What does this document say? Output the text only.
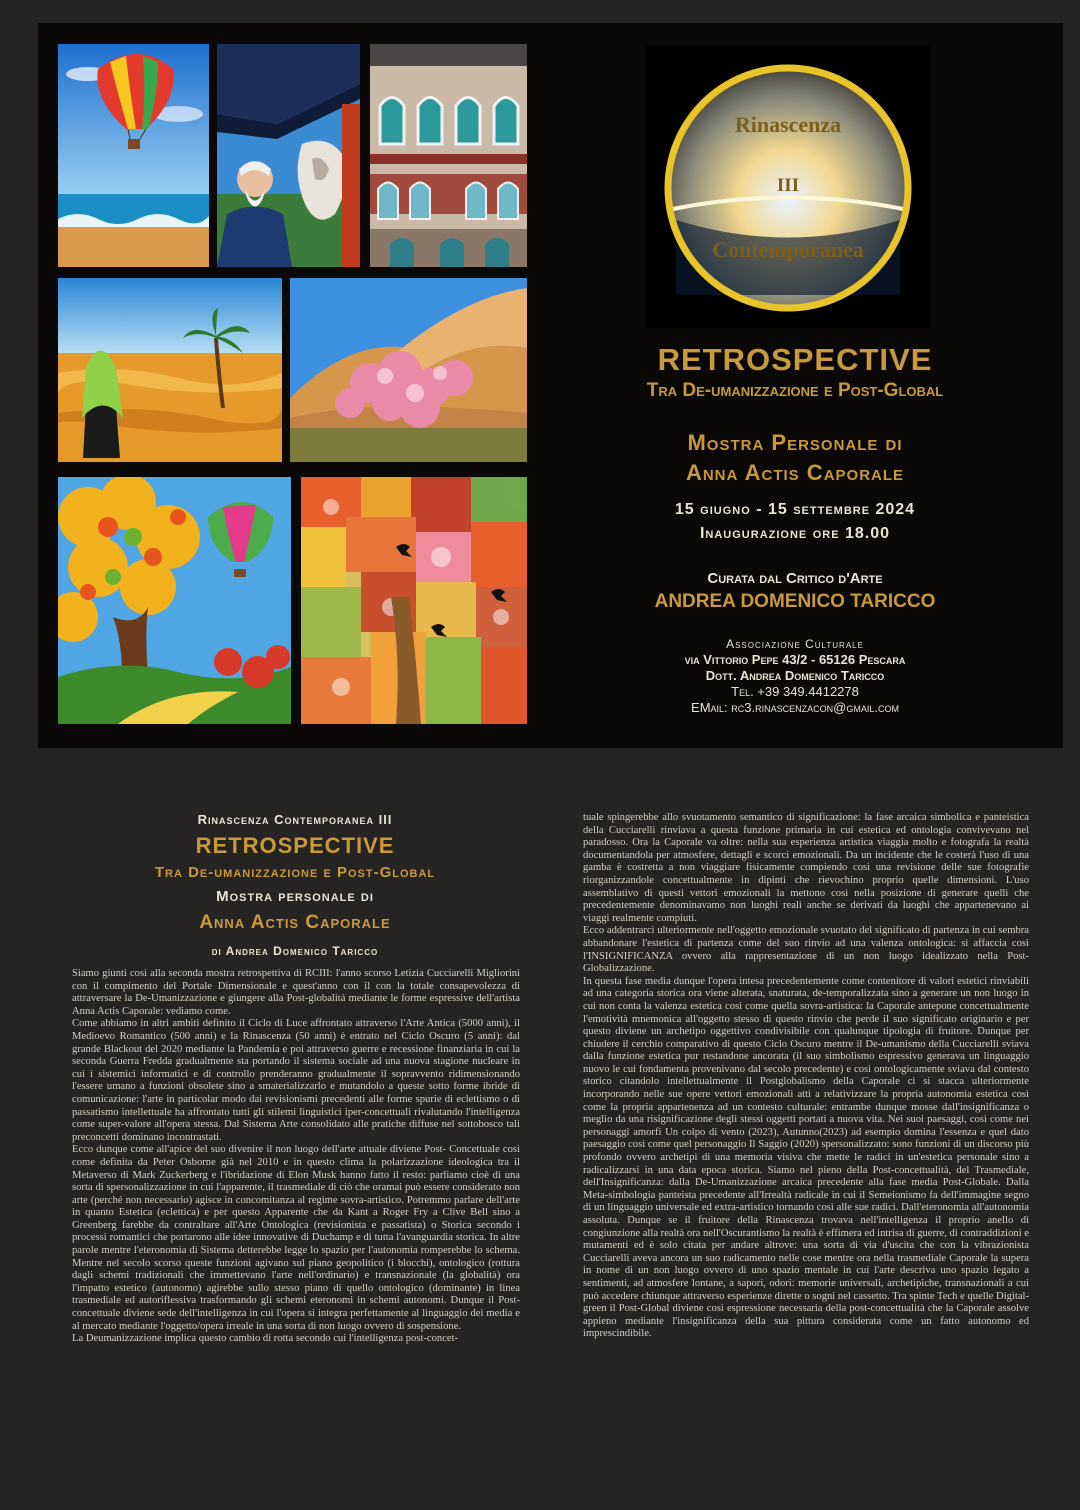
Rinascenza
III
Contemporanea
RETROSPECTIVE
Tra De-umanizzazione e Post-Global
Mostra Personale di
Anna Actis Caporale
15 giugno - 15 settembre 2024
Inaugurazione ore 18.00
Curata dal Critico d'Arte
ANDREA DOMENICO TARICCO
Associazione Culturale
via Vittorio Pepe 43/2 - 65126 Pescara
Dott. Andrea Domenico Taricco
Tel. +39 349.4412278
EMail: rc3.rinascenzacon@gmail.com
Rinascenza Contemporanea III
RETROSPECTIVE
Tra De-umanizzazione e Post-Global
Mostra personale di
Anna Actis Caporale
di Andrea Domenico Taricco

Siamo giunti così alla seconda mostra retrospettiva di RCIII: l'anno scorso Letizia Cucciarelli Migliorini con il compimento del Portale Dimensionale e quest'anno con il con la totale consapevolezza di attraversare la De-Umanizzazione e giungere alla Post-globalità mediante le forme espressive dell'artista Anna Actis Caporale: vediamo come.

Come abbiamo in altri ambiti definito il Ciclo di Luce affrontato attraverso l'Arte Antica (5000 anni), il Medioevo Romantico (500 anni) e la Rinascenza (50 anni) è entrato nel Ciclo Oscuro (5 anni): dal grande Blackout del 2020 mediante la Pandemia e poi attraverso guerre e recessione finanziaria in cui la seconda Guerra Fredda gradualmente sta portando il sistema sociale ad una nuova stagione nucleare in cui i sistemici informatici e di controllo prenderanno gradualmente il sopravvento ridimensionando l'essere umano a funzioni obsolete sino a smaterializzarlo e mutandolo a queste sotto forme ibride di comunicazione: l'arte in particolar modo dai revisionismi precedenti alle forme spurie di eclettismo o di passatismo intellettuale ha affrontato tutti gli stilemi linguistici iper-concettuali rivalutando l'intelligenza come super-valore all'opera stessa. Dal Sistema Arte consolidato alle pratiche diffuse nel sottobosco tali preconcetti dominano incontrastati.

Ecco dunque come all'apice del suo divenire il non luogo dell'arte attuale diviene Post- Concettuale così come definita da Peter Osborne già nel 2010 e in questo clima la polarizzazione ideologica tra il Metaverso di Mark Zuckerberg e l'ibridazione di Elon Musk hanno fatto il resto: parliamo cioè di una sorta di spersonalizzazione in cui l'apparente, il trasmediale di ciò che oramai può essere considerato non arte (perché non necessario) agisce in concomitanza al regime sovra-artistico. Potremmo parlare dell'arte in quanto Estetica (eclettica) e per questo Apparente che da Kant a Roger Fry a Clive Bell sino a Greenberg farebbe da contraltare all'Arte Ontologica (revisionista e passatista) o Storica secondo i processi romantici che portarono alle idee innovative di Duchamp e di tutta l'avanguardia storica. In altre parole mentre l'eteronomia di Sistema detterebbe legge lo spazio per l'autonomia romperebbe lo schema. Mentre nel secolo scorso queste funzioni agivano sul piano geopolitico (i blocchi), ontologico (rottura dagli schemi tradizionali che immettevano l'arte nell'ordinario) e transnazionale (la globalità) ora l'impatto estetico (autonomo) agirebbe sullo stesso piano di quello ontologico (dominante) in linea trasmediale ed autoriflessiva trasformando gli schemi eteronomi in schemi autonomi. Dunque il Post-concettuale diviene sede dell'intelligenza in cui l'opera si integra perfettamente al linguaggio dei media e al mercato mediante l'oggetto/opera irreale in una sorta di non luogo ovvero di sospensione.

La Deumanizzazione implica questo cambio di rotta secondo cui l'intelligenza post-concet-

tuale spingerebbe allo svuotamento semantico di significazione: la fase arcaica simbolica e panteistica della Cucciarelli rinviava a questa funzione primaria in cui estetica ed ontologia convivevano nel paradosso. Ora la Caporale va oltre: nella sua esperienza artistica viaggia molto e fotografa la realtà documentandola per atmosfere, dettagli e scorci emozionali. Da un incidente che le costerà l'uso di una gamba è costretta a non viaggiare fisicamente compiendo così una revisione delle sue fotografie riorganizzandole concettualmente in dipinti che rievochino proprio quelle dimensioni. L'uso assemblativo di questi vettori emozionali la mettono così nella posizione di generare quelli che precedentemente denominavamo non luoghi reali anche se derivati da luoghi che appartenevano ai viaggi realmente compiuti.

Ecco addentrarci ulteriormente nell'oggetto emozionale svuotato del significato di partenza in cui sembra abbandonare l'estetica di partenza come del suo rinvio ad una valenza ontologica: si affaccia così l'INSIGNIFICANZA ovvero alla rappresentazione di un non luogo idealizzato nella Post-Globalizzazione.

In questa fase media dunque l'opera intesa precedentemente come contenitore di valori estetici rinviabili ad una categoria storica ora viene alterata, snaturata, de-temporalizzata sino a generare un non luogo in cui non conta la valenza estetica così come quella sovra-artistica: la Caporale antepone concettualmente l'emotività mnemonica all'oggetto stesso di questo rinvio che perde il suo significato originario e per questo diviene un archetipo oggettivo condivisibile con qualunque tipologia di fruitore. Dunque per chiudere il cerchio comparativo di questo Ciclo Oscuro mentre il De-umanismo della Cucciarelli sviava dalla funzione estetica pur restandone ancorata (il suo simbolismo espressivo generava un linguaggio nuovo le cui fondamenta provenivano dal secolo precedente) e così ontologicamente sviava dal contesto storico citandolo intellettualmente il Postglobalismo della Caporale ci si stacca ulteriormente incorporando nelle sue opere vettori emozionali atti a relativizzare la propria autonomia estetica così come la propria appartenenza ad un contesto culturale: entrambe dunque mosse dall'insignificanza o meglio da una risignificazione degli stessi oggetti portati a nuova vita. Nei suoi paesaggi, così come nei personaggi amorfi Un colpo di vento (2023), Autunno(2023) ad esempio domina l'essenza e quel dato paesaggio così come quel personaggio Il Saggio (2020) spersonalizzato: sono funzioni di un discorso più profondo ovvero archetipi di una memoria visiva che mette le radici in un'estetica personale sino a radicalizzarsi in una data epoca storica. Siamo nel pieno della Post-concettualità, del Trasmediale, dell'Insignificanza: dalla De-Umanizzazione arcaica precedente alla fase media Post-Globale. Dalla Meta-simbologia panteista precedente all'Irrealtà radicale in cui il Semeionismo fa dell'immagine segno di un linguaggio universale ed extra-artistico tornando così alle sue radici. Dall'eteronomia all'autonomia assoluta. Dunque se il fruitore della Rinascenza trovava nell'intelligenza il proprio anello di congiunzione alla realtà ora nell'Oscurantismo la realtà è effimera ed intrisa di guerre, di contraddizioni e mutamenti ed è solo citata per andare altrove: una sorta di via d'uscita che con la vibrazionista Cucciarelli aveva ancora un suo radicamento nelle cose mentre ora nella trasmediale Caporale la supera in nome di un non luogo ovvero di uno spazio mentale in cui l'arte descriva uno spazio legato a sentimenti, ad atmosfere lontane, a sapori, odori: memorie universali, archetipiche, transnazionali a cui può accedere chiunque attraverso esperienze dirette o sogni nel cassetto. Tra spinte Tech e quelle Digital-green il Post-Global diviene così espressione necessaria della post-concettualità che la Caporale assolve appieno mediante l'insignificanza della sua pittura considerata come un fatto autonomo ed imprescindibile.
